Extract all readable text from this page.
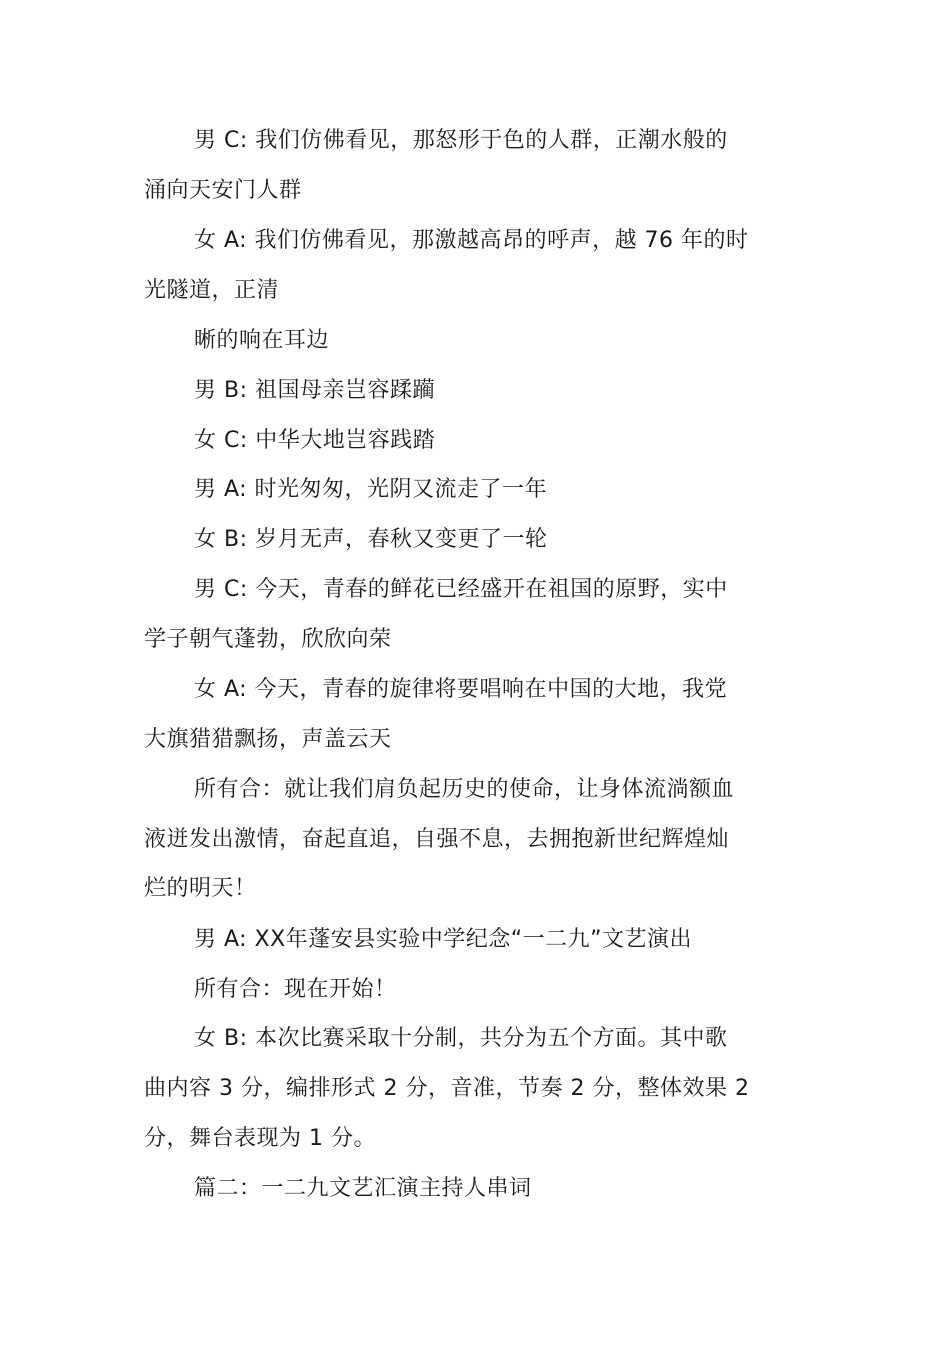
男 C: 我们仿佛看见，那怒形于色的人群，正潮水般的
涌向天安门人群
女 A: 我们仿佛看见，那激越高昂的呼声，越 76 年的时
光隧道，正清
晰的响在耳边
男 B: 祖国母亲岂容蹂躏
女 C: 中华大地岂容践踏
男 A: 时光匆匆，光阴又流走了一年
女 B: 岁月无声，春秋又变更了一轮
男 C: 今天，青春的鲜花已经盛开在祖国的原野，实中
学子朝气蓬勃，欣欣向荣
女 A: 今天，青春的旋律将要唱响在中国的大地，我党
大旗猎猎飘扬，声盖云天
所有合：就让我们肩负起历史的使命，让身体流淌额血
液迸发出激情，奋起直追，自强不息，去拥抱新世纪辉煌灿
烂的明天！
男 A: XX年蓬安县实验中学纪念“一二九”文艺演出
所有合：现在开始！
女 B: 本次比赛采取十分制，共分为五个方面。其中歌
曲内容 3 分，编排形式 2 分，音准，节奏 2 分，整体效果 2
分，舞台表现为 1 分。
篇二：一二九文艺汇演主持人串词
